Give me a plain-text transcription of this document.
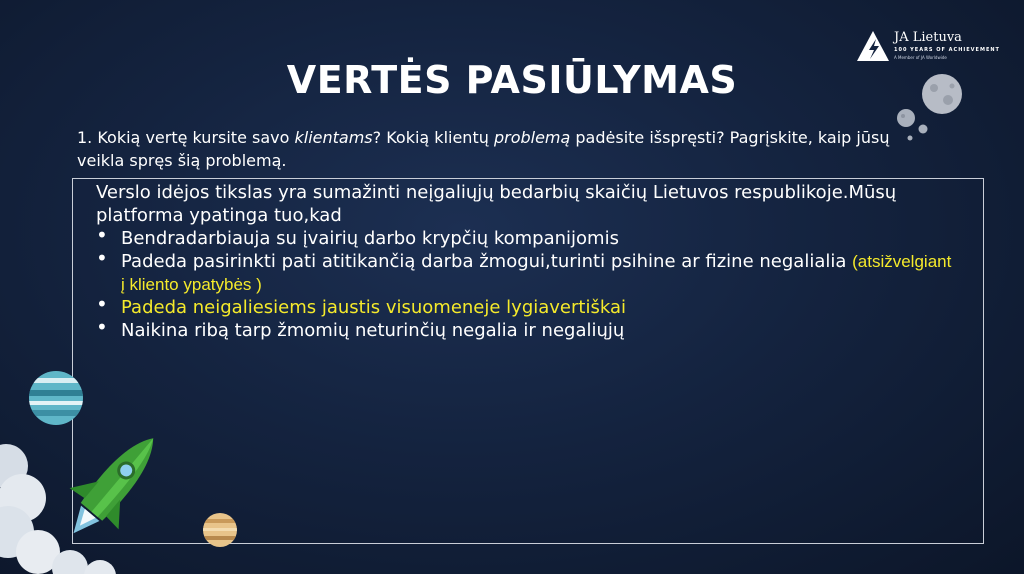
JA Lietuva
100 YEARS OF ACHIEVEMENT
A Member of JA Worldwide
VERTĖS PASIŪLYMAS
1. Kokią vertę kursite savo klientams? Kokią klientų problemą padėsite išspręsti? Pagrįskite, kaip jūsų veikla spręs šią problemą.
Verslo idėjos tikslas yra sumažinti neįgaliųjų bedarbių skaičių Lietuvos respublikoje.Mūsų platforma ypatinga tuo,kad
• Bendradarbiauja su įvairių darbo krypčių kompanijomis
• Padeda pasirinkti pati atitikančią darba žmogui,turinti psihine ar fizine negalialia (atsižvelgiant į kliento ypatybės )
• Padeda neigaliesiems jaustis visuomeneje lygiavertiškai
• Naikina ribą tarp žmomių neturinčių negalia ir negaliųjų
